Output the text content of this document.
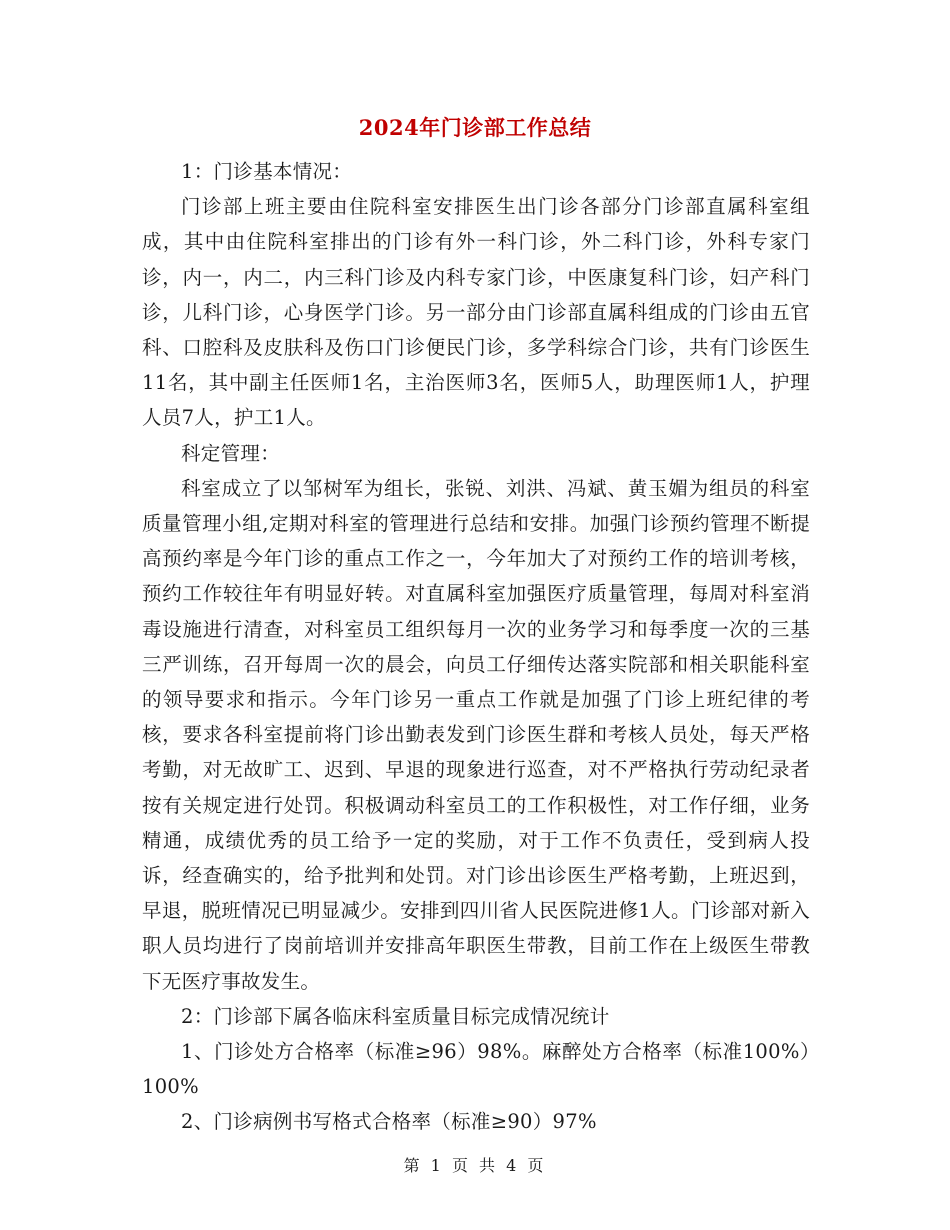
2024年门诊部工作总结

1：门诊基本情况：

门诊部上班主要由住院科室安排医生出门诊各部分门诊部直属科室组成，其中由住院科室排出的门诊有外一科门诊，外二科门诊，外科专家门诊，内一，内二，内三科门诊及内科专家门诊，中医康复科门诊，妇产科门诊，儿科门诊，心身医学门诊。另一部分由门诊部直属科组成的门诊由五官科、口腔科及皮肤科及伤口门诊便民门诊，多学科综合门诊，共有门诊医生11名，其中副主任医师1名，主治医师3名，医师5人，助理医师1人，护理人员7人，护工1人。

科定管理：

科室成立了以邹树军为组长，张锐、刘洪、冯斌、黄玉媚为组员的科室质量管理小组,定期对科室的管理进行总结和安排。加强门诊预约管理不断提高预约率是今年门诊的重点工作之一，今年加大了对预约工作的培训考核，预约工作较往年有明显好转。对直属科室加强医疗质量管理，每周对科室消毒设施进行清查，对科室员工组织每月一次的业务学习和每季度一次的三基三严训练，召开每周一次的晨会，向员工仔细传达落实院部和相关职能科室的领导要求和指示。今年门诊另一重点工作就是加强了门诊上班纪律的考核，要求各科室提前将门诊出勤表发到门诊医生群和考核人员处，每天严格考勤，对无故旷工、迟到、早退的现象进行巡查，对不严格执行劳动纪录者按有关规定进行处罚。积极调动科室员工的工作积极性，对工作仔细，业务精通，成绩优秀的员工给予一定的奖励，对于工作不负责任，受到病人投诉，经查确实的，给予批判和处罚。对门诊出诊医生严格考勤，上班迟到，早退，脱班情况已明显减少。安排到四川省人民医院进修1人。门诊部对新入职人员均进行了岗前培训并安排高年职医生带教，目前工作在上级医生带教下无医疗事故发生。

2：门诊部下属各临床科室质量目标完成情况统计

1、门诊处方合格率（标准≥96）98%。麻醉处方合格率（标准100%）100%

2、门诊病例书写格式合格率（标准≥90）97%

第 1 页 共 4 页
